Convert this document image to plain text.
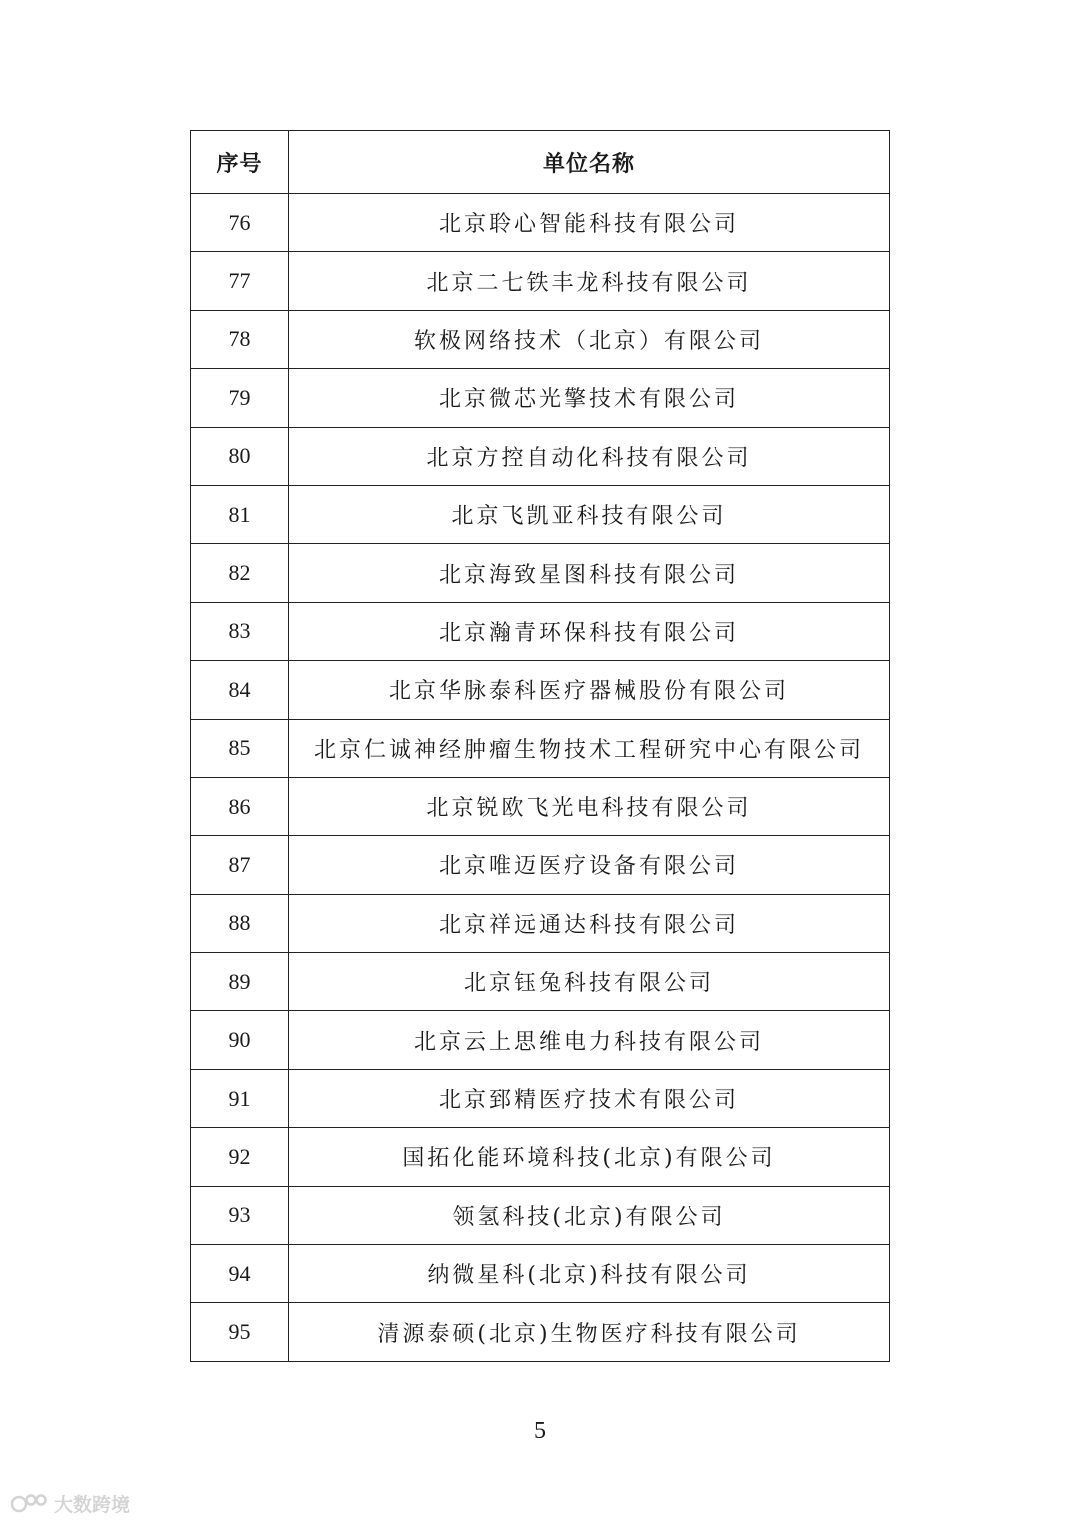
序号	单位名称
76	北京聆心智能科技有限公司
77	北京二七铁丰龙科技有限公司
78	软极网络技术（北京）有限公司
79	北京微芯光擎技术有限公司
80	北京方控自动化科技有限公司
81	北京飞凯亚科技有限公司
82	北京海致星图科技有限公司
83	北京瀚青环保科技有限公司
84	北京华脉泰科医疗器械股份有限公司
85	北京仁诚神经肿瘤生物技术工程研究中心有限公司
86	北京锐欧飞光电科技有限公司
87	北京唯迈医疗设备有限公司
88	北京祥远通达科技有限公司
89	北京钰兔科技有限公司
90	北京云上思维电力科技有限公司
91	北京郅精医疗技术有限公司
92	国拓化能环境科技(北京)有限公司
93	领氢科技(北京)有限公司
94	纳微星科(北京)科技有限公司
95	清源泰硕(北京)生物医疗科技有限公司
5
大数跨境
